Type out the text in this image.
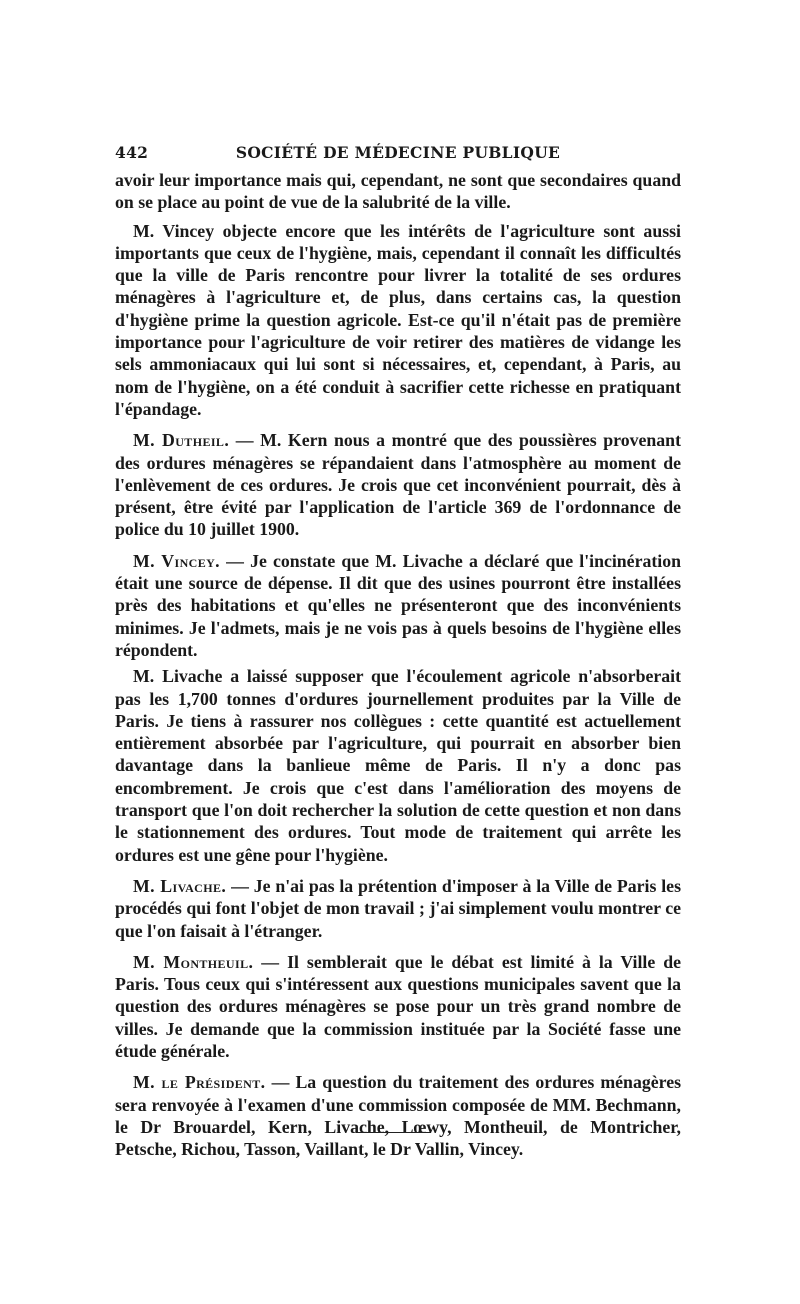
442	SOCIÉTÉ DE MÉDECINE PUBLIQUE

avoir leur importance mais qui, cependant, ne sont que secondaires quand on se place au point de vue de la salubrité de la ville.

M. Vincey objecte encore que les intérêts de l'agriculture sont aussi importants que ceux de l'hygiène, mais, cependant il connaît les difficultés que la ville de Paris rencontre pour livrer la totalité de ses ordures ménagères à l'agriculture et, de plus, dans certains cas, la question d'hygiène prime la question agricole. Est-ce qu'il n'était pas de première importance pour l'agriculture de voir retirer des matières de vidange les sels ammoniacaux qui lui sont si nécessaires, et, cependant, à Paris, au nom de l'hygiène, on a été conduit à sacrifier cette richesse en pratiquant l'épandage.

M. Dutheil. — M. Kern nous a montré que des poussières provenant des ordures ménagères se répandaient dans l'atmosphère au moment de l'enlèvement de ces ordures. Je crois que cet inconvénient pourrait, dès à présent, être évité par l'application de l'article 369 de l'ordonnance de police du 10 juillet 1900.

M. Vincey. — Je constate que M. Livache a déclaré que l'incinération était une source de dépense. Il dit que des usines pourront être installées près des habitations et qu'elles ne présenteront que des inconvénients minimes. Je l'admets, mais je ne vois pas à quels besoins de l'hygiène elles répondent.

M. Livache a laissé supposer que l'écoulement agricole n'absorberait pas les 1,700 tonnes d'ordures journellement produites par la Ville de Paris. Je tiens à rassurer nos collègues : cette quantité est actuellement entièrement absorbée par l'agriculture, qui pourrait en absorber bien davantage dans la banlieue même de Paris. Il n'y a donc pas encombrement. Je crois que c'est dans l'amélioration des moyens de transport que l'on doit rechercher la solution de cette question et non dans le stationnement des ordures. Tout mode de traitement qui arrête les ordures est une gêne pour l'hygiène.

M. Livache. — Je n'ai pas la prétention d'imposer à la Ville de Paris les procédés qui font l'objet de mon travail ; j'ai simplement voulu montrer ce que l'on faisait à l'étranger.

M. Montheuil. — Il semblerait que le débat est limité à la Ville de Paris. Tous ceux qui s'intéressent aux questions municipales savent que la question des ordures ménagères se pose pour un très grand nombre de villes. Je demande que la commission instituée par la Société fasse une étude générale.

M. le Président. — La question du traitement des ordures ménagères sera renvoyée à l'examen d'une commission composée de MM. Bechmann, le Dr Brouardel, Kern, Livache, Lœwy, Montheuil, de Montricher, Petsche, Richou, Tasson, Vaillant, le Dr Vallin, Vincey.
